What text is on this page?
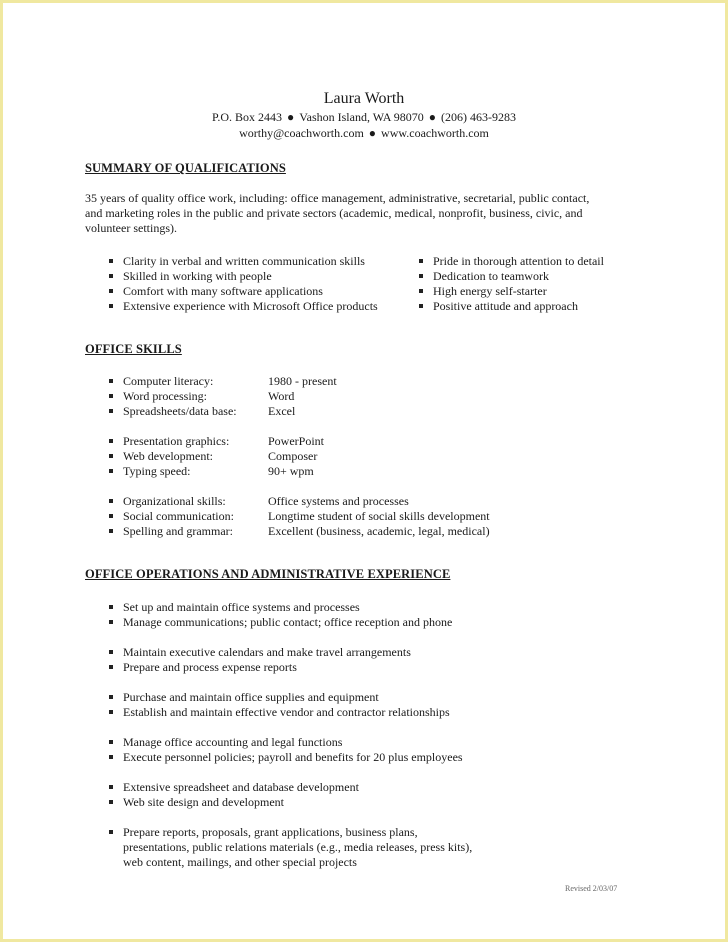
Laura Worth
P.O. Box 2443 ● Vashon Island, WA 98070 ● (206) 463-9283
worthy@coachworth.com ● www.coachworth.com
SUMMARY OF QUALIFICATIONS
35 years of quality office work, including: office management, administrative, secretarial, public contact,
and marketing roles in the public and private sectors (academic, medical, nonprofit, business, civic, and
volunteer settings).
Clarity in verbal and written communication skills
Skilled in working with people
Comfort with many software applications
Extensive experience with Microsoft Office products
Pride in thorough attention to detail
Dedication to teamwork
High energy self-starter
Positive attitude and approach
OFFICE SKILLS
Computer literacy:	1980 - present
Word processing:	Word
Spreadsheets/data base:	Excel
Presentation graphics:	PowerPoint
Web development:	Composer
Typing speed:	90+ wpm
Organizational skills:	Office systems and processes
Social communication:	Longtime student of social skills development
Spelling and grammar:	Excellent (business, academic, legal, medical)
OFFICE OPERATIONS AND ADMINISTRATIVE EXPERIENCE
Set up and maintain office systems and processes
Manage communications; public contact; office reception and phone
Maintain executive calendars and make travel arrangements
Prepare and process expense reports
Purchase and maintain office supplies and equipment
Establish and maintain effective vendor and contractor relationships
Manage office accounting and legal functions
Execute personnel policies; payroll and benefits for 20 plus employees
Extensive spreadsheet and database development
Web site design and development
Prepare reports, proposals, grant applications, business plans,
presentations, public relations materials (e.g., media releases, press kits),
web content, mailings, and other special projects
Revised 2/03/07
